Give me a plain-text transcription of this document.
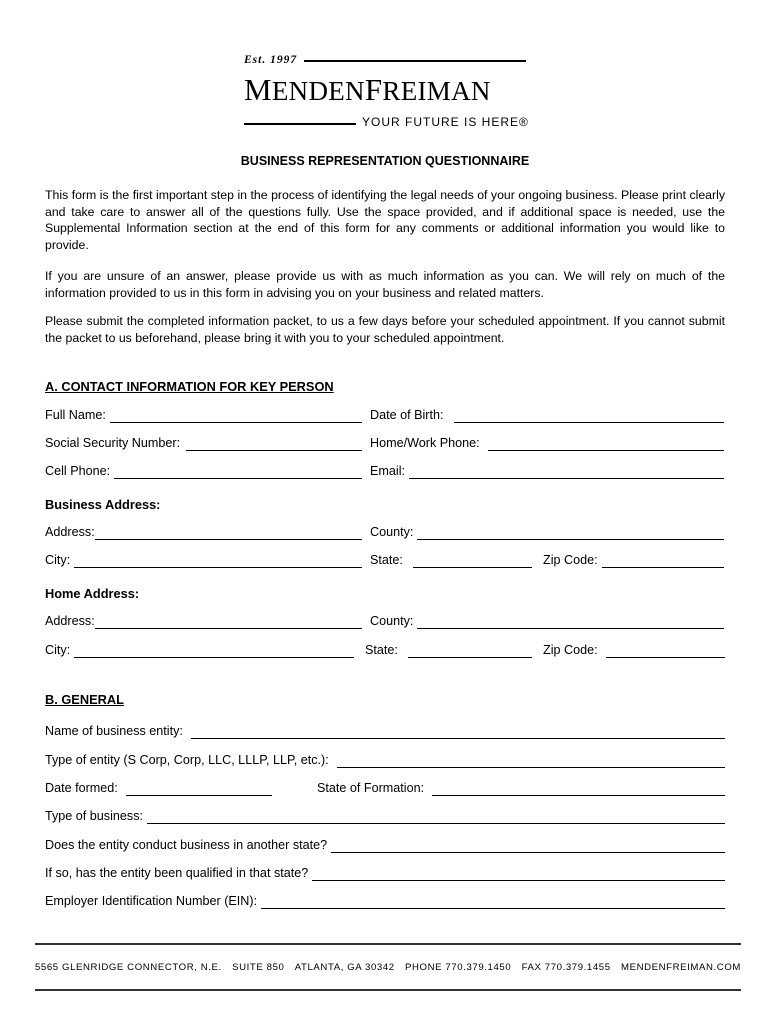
Est. 1997
MENDENFREIMAN
YOUR FUTURE IS HERE®
BUSINESS REPRESENTATION QUESTIONNAIRE

This form is the first important step in the process of identifying the legal needs of your ongoing business. Please print clearly and take care to answer all of the questions fully. Use the space provided, and if additional space is needed, use the Supplemental Information section at the end of this form for any comments or additional information you would like to provide.

If you are unsure of an answer, please provide us with as much information as you can. We will rely on much of the information provided to us in this form in advising you on your business and related matters.

Please submit the completed information packet, to us a few days before your scheduled appointment. If you cannot submit the packet to us beforehand, please bring it with you to your scheduled appointment.

A. CONTACT INFORMATION FOR KEY PERSON
Full Name:	Date of Birth:
Social Security Number:	Home/Work Phone:
Cell Phone:	Email:
Business Address:
Address:	County:
City:	State:	Zip Code:
Home Address:
Address:	County:
City:	State:	Zip Code:
B. GENERAL
Name of business entity:
Type of entity (S Corp, Corp, LLC, LLLP, LLP, etc.):
Date formed:	State of Formation:
Type of business:
Does the entity conduct business in another state?
If so, has the entity been qualified in that state?
Employer Identification Number (EIN):
5565 GLENRIDGE CONNECTOR, N.E. SUITE 850 ATLANTA, GA 30342 PHONE 770.379.1450 FAX 770.379.1455 MENDENFREIMAN.COM
